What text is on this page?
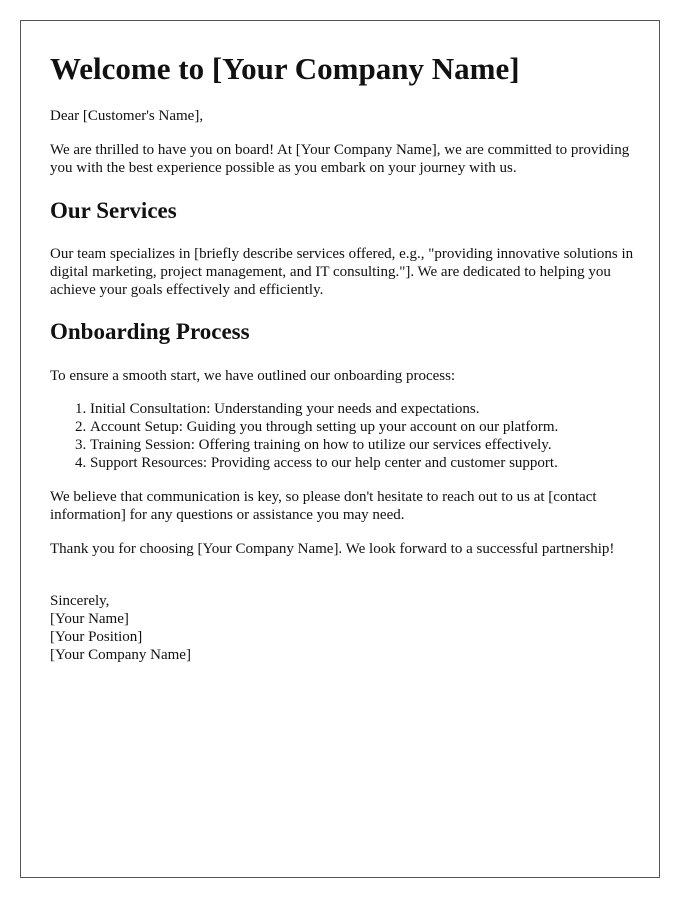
Welcome to [Your Company Name]

Dear [Customer's Name],

We are thrilled to have you on board! At [Your Company Name], we are committed to providing you with the best experience possible as you embark on your journey with us.

Our Services

Our team specializes in [briefly describe services offered, e.g., "providing innovative solutions in digital marketing, project management, and IT consulting."]. We are dedicated to helping you achieve your goals effectively and efficiently.

Onboarding Process

To ensure a smooth start, we have outlined our onboarding process:

1. Initial Consultation: Understanding your needs and expectations.
2. Account Setup: Guiding you through setting up your account on our platform.
3. Training Session: Offering training on how to utilize our services effectively.
4. Support Resources: Providing access to our help center and customer support.

We believe that communication is key, so please don't hesitate to reach out to us at [contact information] for any questions or assistance you may need.

Thank you for choosing [Your Company Name]. We look forward to a successful partnership!

Sincerely,
[Your Name]
[Your Position]
[Your Company Name]
